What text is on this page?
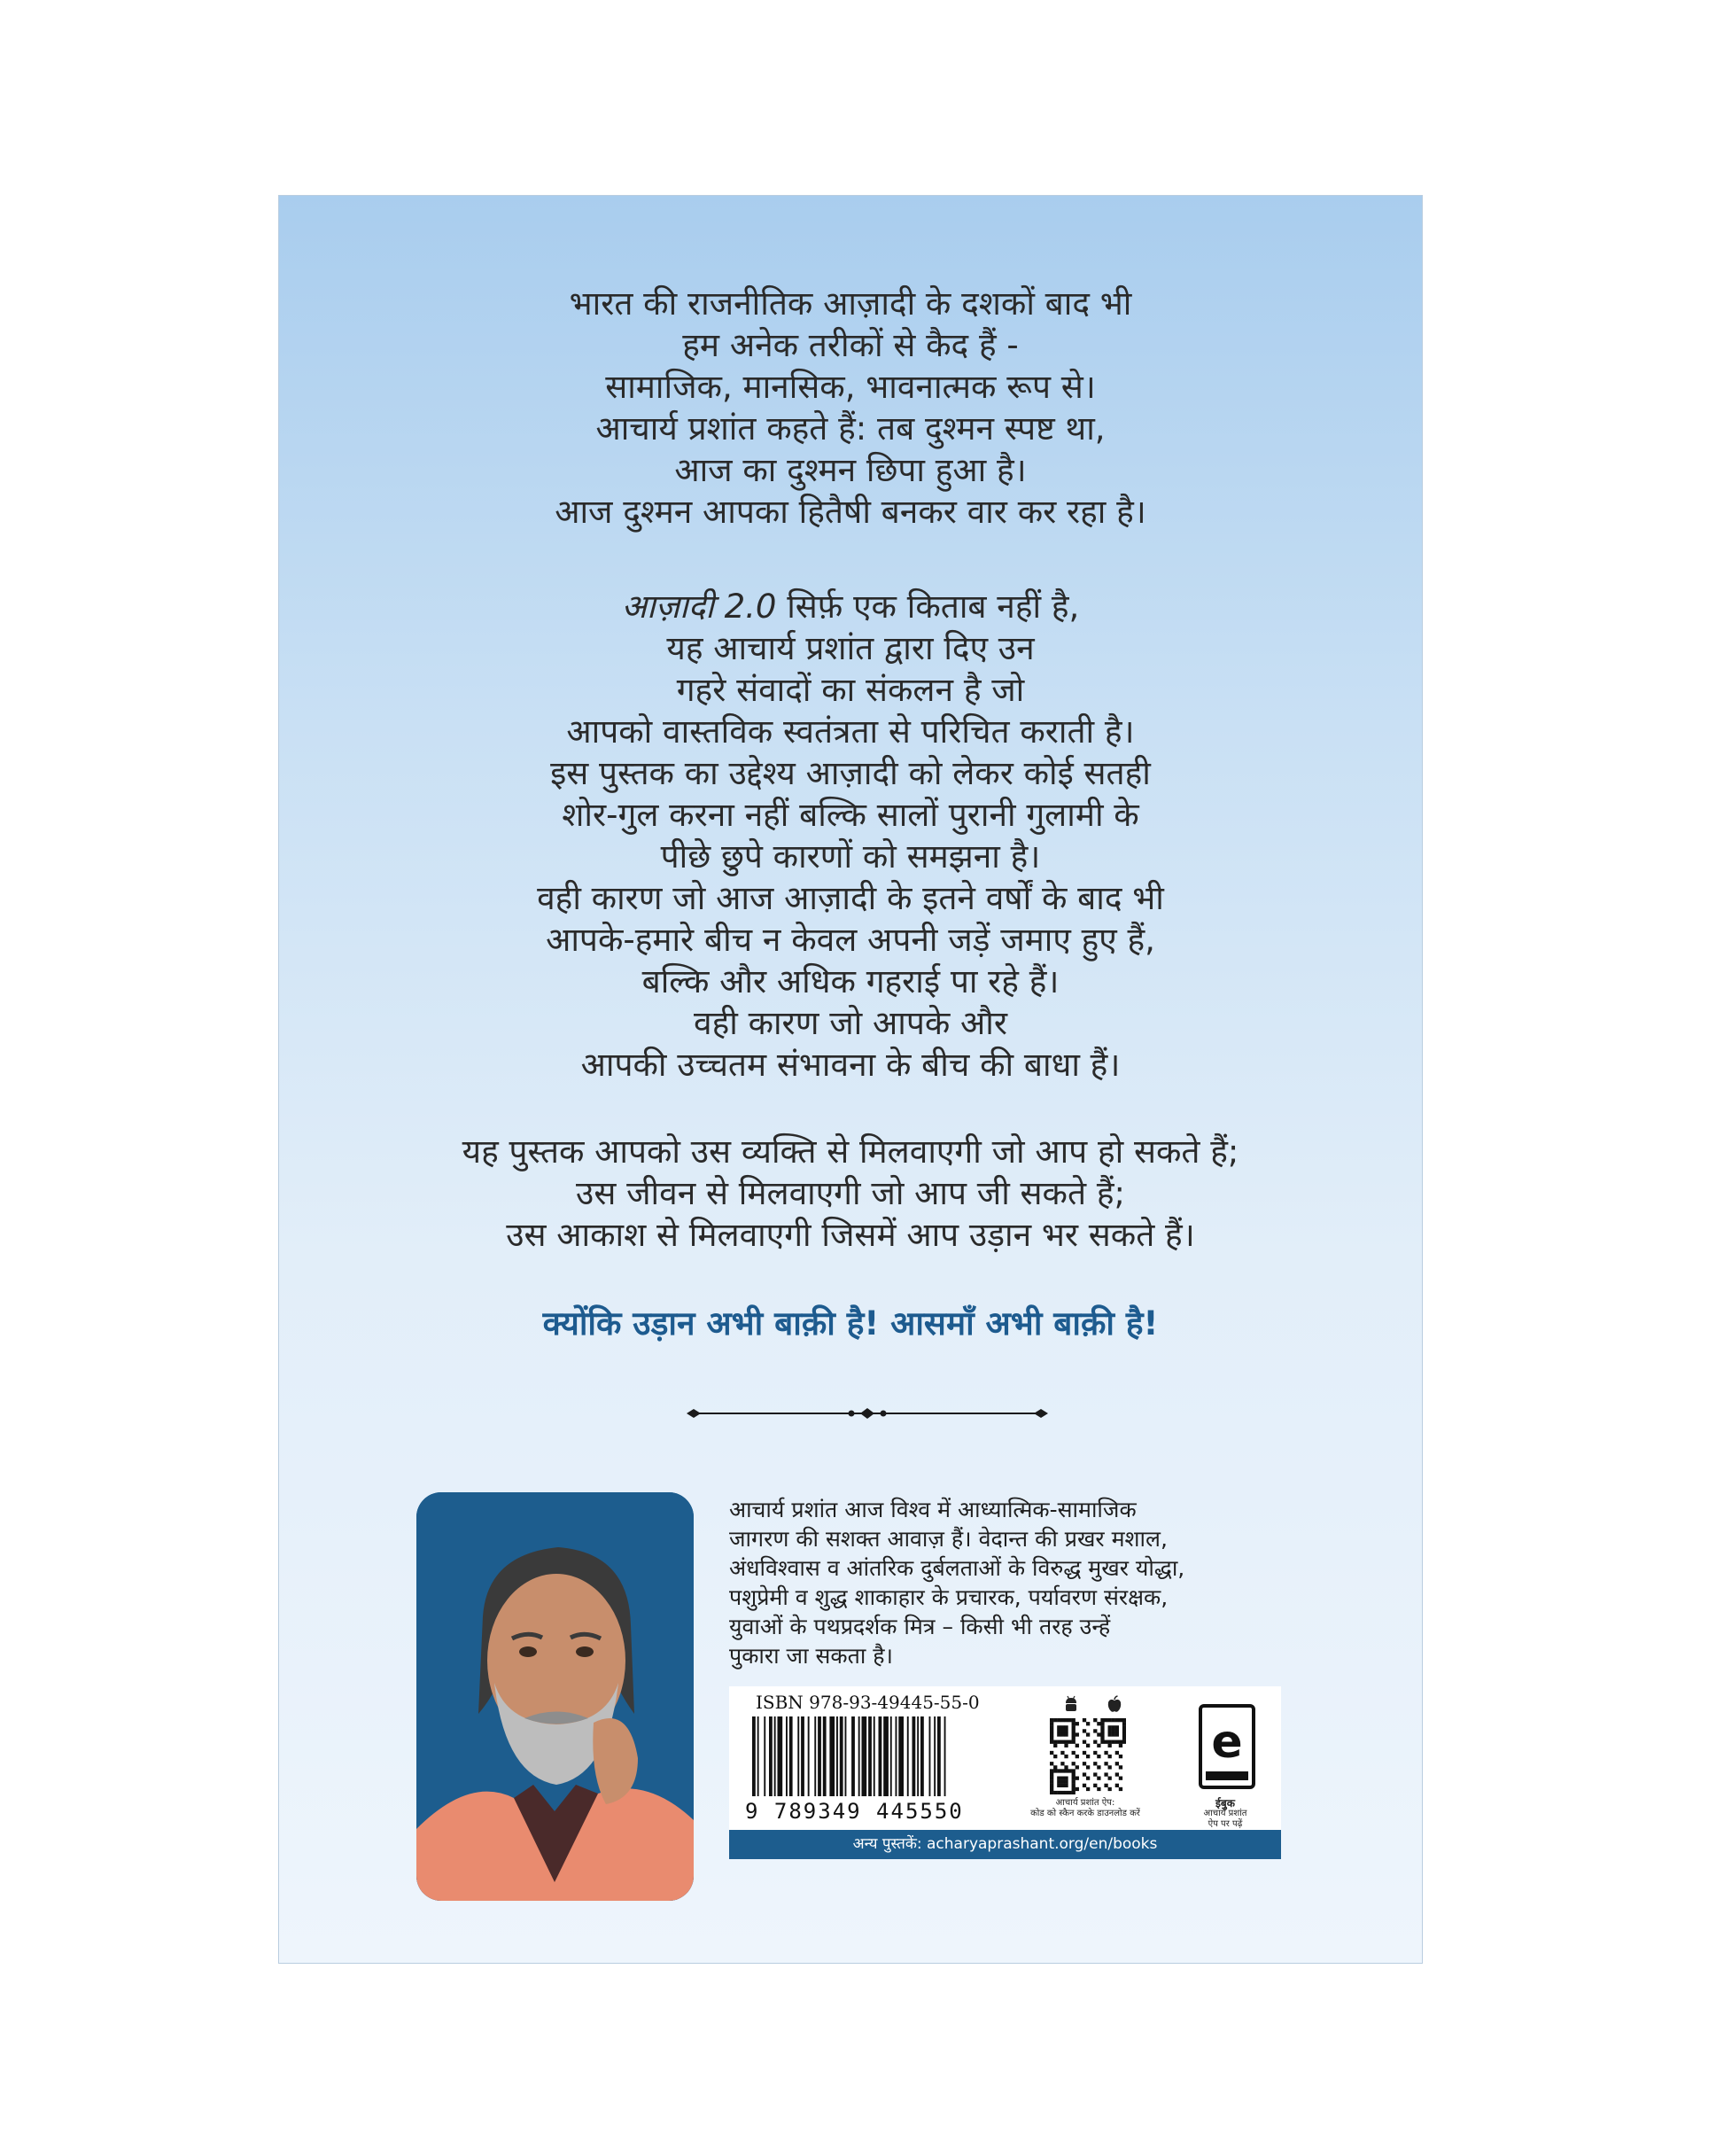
भारत की राजनीतिक आज़ादी के दशकों बाद भी
हम अनेक तरीकों से कैद हैं -
सामाजिक, मानसिक, भावनात्मक रूप से।
आचार्य प्रशांत कहते हैं: तब दुश्मन स्पष्ट था,
आज का दुश्मन छिपा हुआ है।
आज दुश्मन आपका हितैषी बनकर वार कर रहा है।
आज़ादी 2.0 सिर्फ़ एक किताब नहीं है,
यह आचार्य प्रशांत द्वारा दिए उन
गहरे संवादों का संकलन है जो
आपको वास्तविक स्वतंत्रता से परिचित कराती है।
इस पुस्तक का उद्देश्य आज़ादी को लेकर कोई सतही
शोर-गुल करना नहीं बल्कि सालों पुरानी गुलामी के
पीछे छुपे कारणों को समझना है।
वही कारण जो आज आज़ादी के इतने वर्षों के बाद भी
आपके-हमारे बीच न केवल अपनी जड़ें जमाए हुए हैं,
बल्कि और अधिक गहराई पा रहे हैं।
वही कारण जो आपके और
आपकी उच्चतम संभावना के बीच की बाधा हैं।
यह पुस्तक आपको उस व्यक्ति से मिलवाएगी जो आप हो सकते हैं;
उस जीवन से मिलवाएगी जो आप जी सकते हैं;
उस आकाश से मिलवाएगी जिसमें आप उड़ान भर सकते हैं।
क्योंकि उड़ान अभी बाक़ी है! आसमाँ अभी बाक़ी है!
आचार्य प्रशांत आज विश्व में आध्यात्मिक-सामाजिक
जागरण की सशक्त आवाज़ हैं। वेदान्त की प्रखर मशाल,
अंधविश्वास व आंतरिक दुर्बलताओं के विरुद्ध मुखर योद्धा,
पशुप्रेमी व शुद्ध शाकाहार के प्रचारक, पर्यावरण संरक्षक,
युवाओं के पथप्रदर्शक मित्र – किसी भी तरह उन्हें
पुकारा जा सकता है।
ISBN 978-93-49445-55-0
9 789349 445550	आचार्य प्रशांत ऐप:
कोड को स्कैन करके डाउनलोड करें
e
ईबुक
आचार्य प्रशांत
ऐप पर पढ़ें
अन्य पुस्तकें: acharyaprashant.org/en/books
